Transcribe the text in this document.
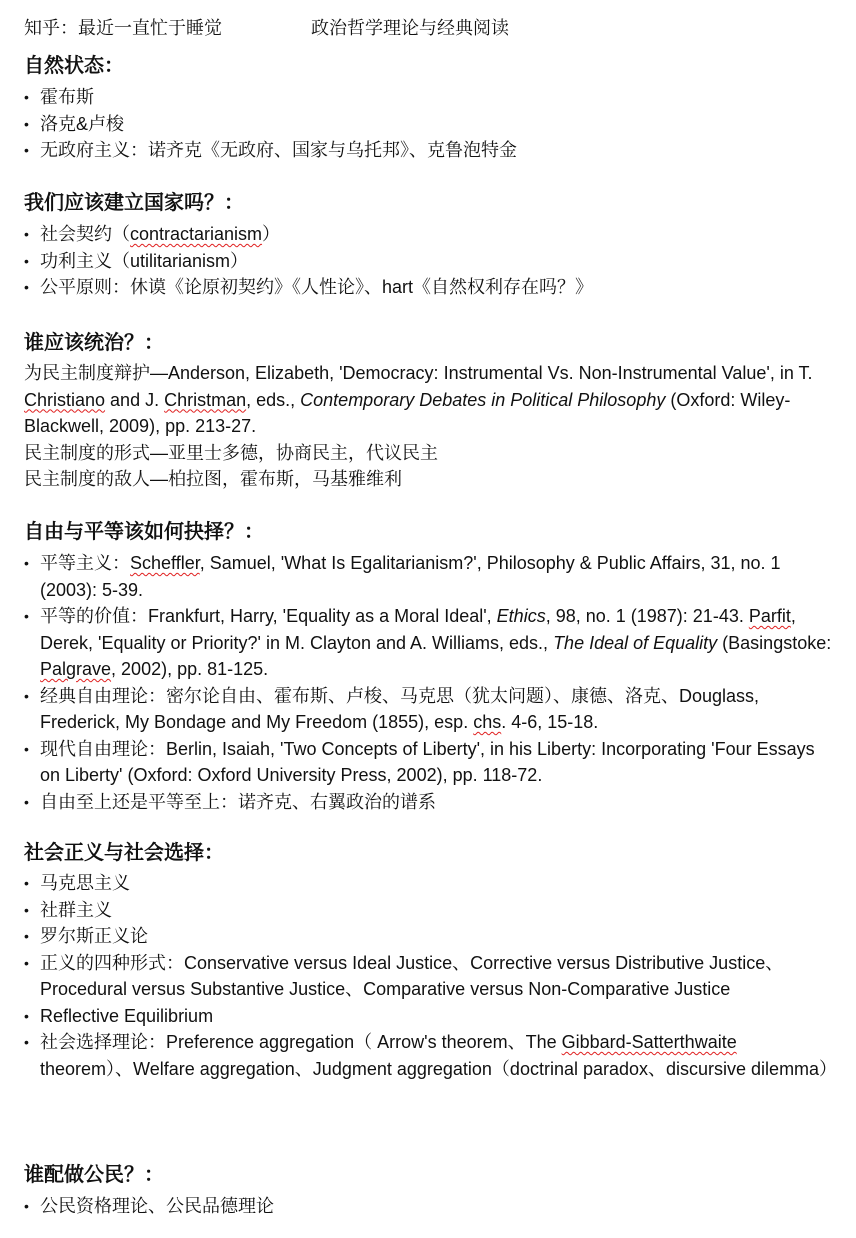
知乎：最近一直忙于睡觉	政治哲学理论与经典阅读
自然状态：
• 霍布斯
• 洛克&卢梭
• 无政府主义：诺齐克《无政府、国家与乌托邦》、克鲁泡特金
我们应该建立国家吗？：
• 社会契约（contractarianism）
• 功利主义（utilitarianism）
• 公平原则：休谟《论原初契约》《人性论》、hart《自然权利存在吗？》
谁应该统治？：

为民主制度辩护—Anderson, Elizabeth, 'Democracy: Instrumental Vs. Non-Instrumental Value', in T. Christiano and J. Christman, eds., Contemporary Debates in Political Philosophy (Oxford: Wiley-Blackwell, 2009), pp. 213-27.

民主制度的形式—亚里士多德，协商民主，代议民主

民主制度的敌人—柏拉图，霍布斯，马基雅维利

自由与平等该如何抉择？：
• 平等主义：Scheffler, Samuel, 'What Is Egalitarianism?', Philosophy & Public Affairs, 31, no. 1 (2003): 5-39.
• 平等的价值：Frankfurt, Harry, 'Equality as a Moral Ideal', Ethics, 98, no. 1 (1987): 21-43. Parfit, Derek, 'Equality or Priority?' in M. Clayton and A. Williams, eds., The Ideal of Equality (Basingstoke: Palgrave, 2002), pp. 81-125.
• 经典自由理论：密尔论自由、霍布斯、卢梭、马克思（犹太问题）、康德、洛克、Douglass, Frederick, My Bondage and My Freedom (1855), esp. chs. 4-6, 15-18.
• 现代自由理论：Berlin, Isaiah, 'Two Concepts of Liberty', in his Liberty: Incorporating 'Four Essays on Liberty' (Oxford: Oxford University Press, 2002), pp. 118-72.
• 自由至上还是平等至上：诺齐克、右翼政治的谱系
社会正义与社会选择：
• 马克思主义
• 社群主义
• 罗尔斯正义论
• 正义的四种形式：Conservative versus Ideal Justice、Corrective versus Distributive Justice、Procedural versus Substantive Justice、Comparative versus Non-Comparative Justice
• Reflective Equilibrium
• 社会选择理论：Preference aggregation（ Arrow's theorem、The Gibbard-Satterthwaite theorem）、Welfare aggregation、Judgment aggregation（doctrinal paradox、discursive dilemma）
谁配做公民？：
• 公民资格理论、公民品德理论
